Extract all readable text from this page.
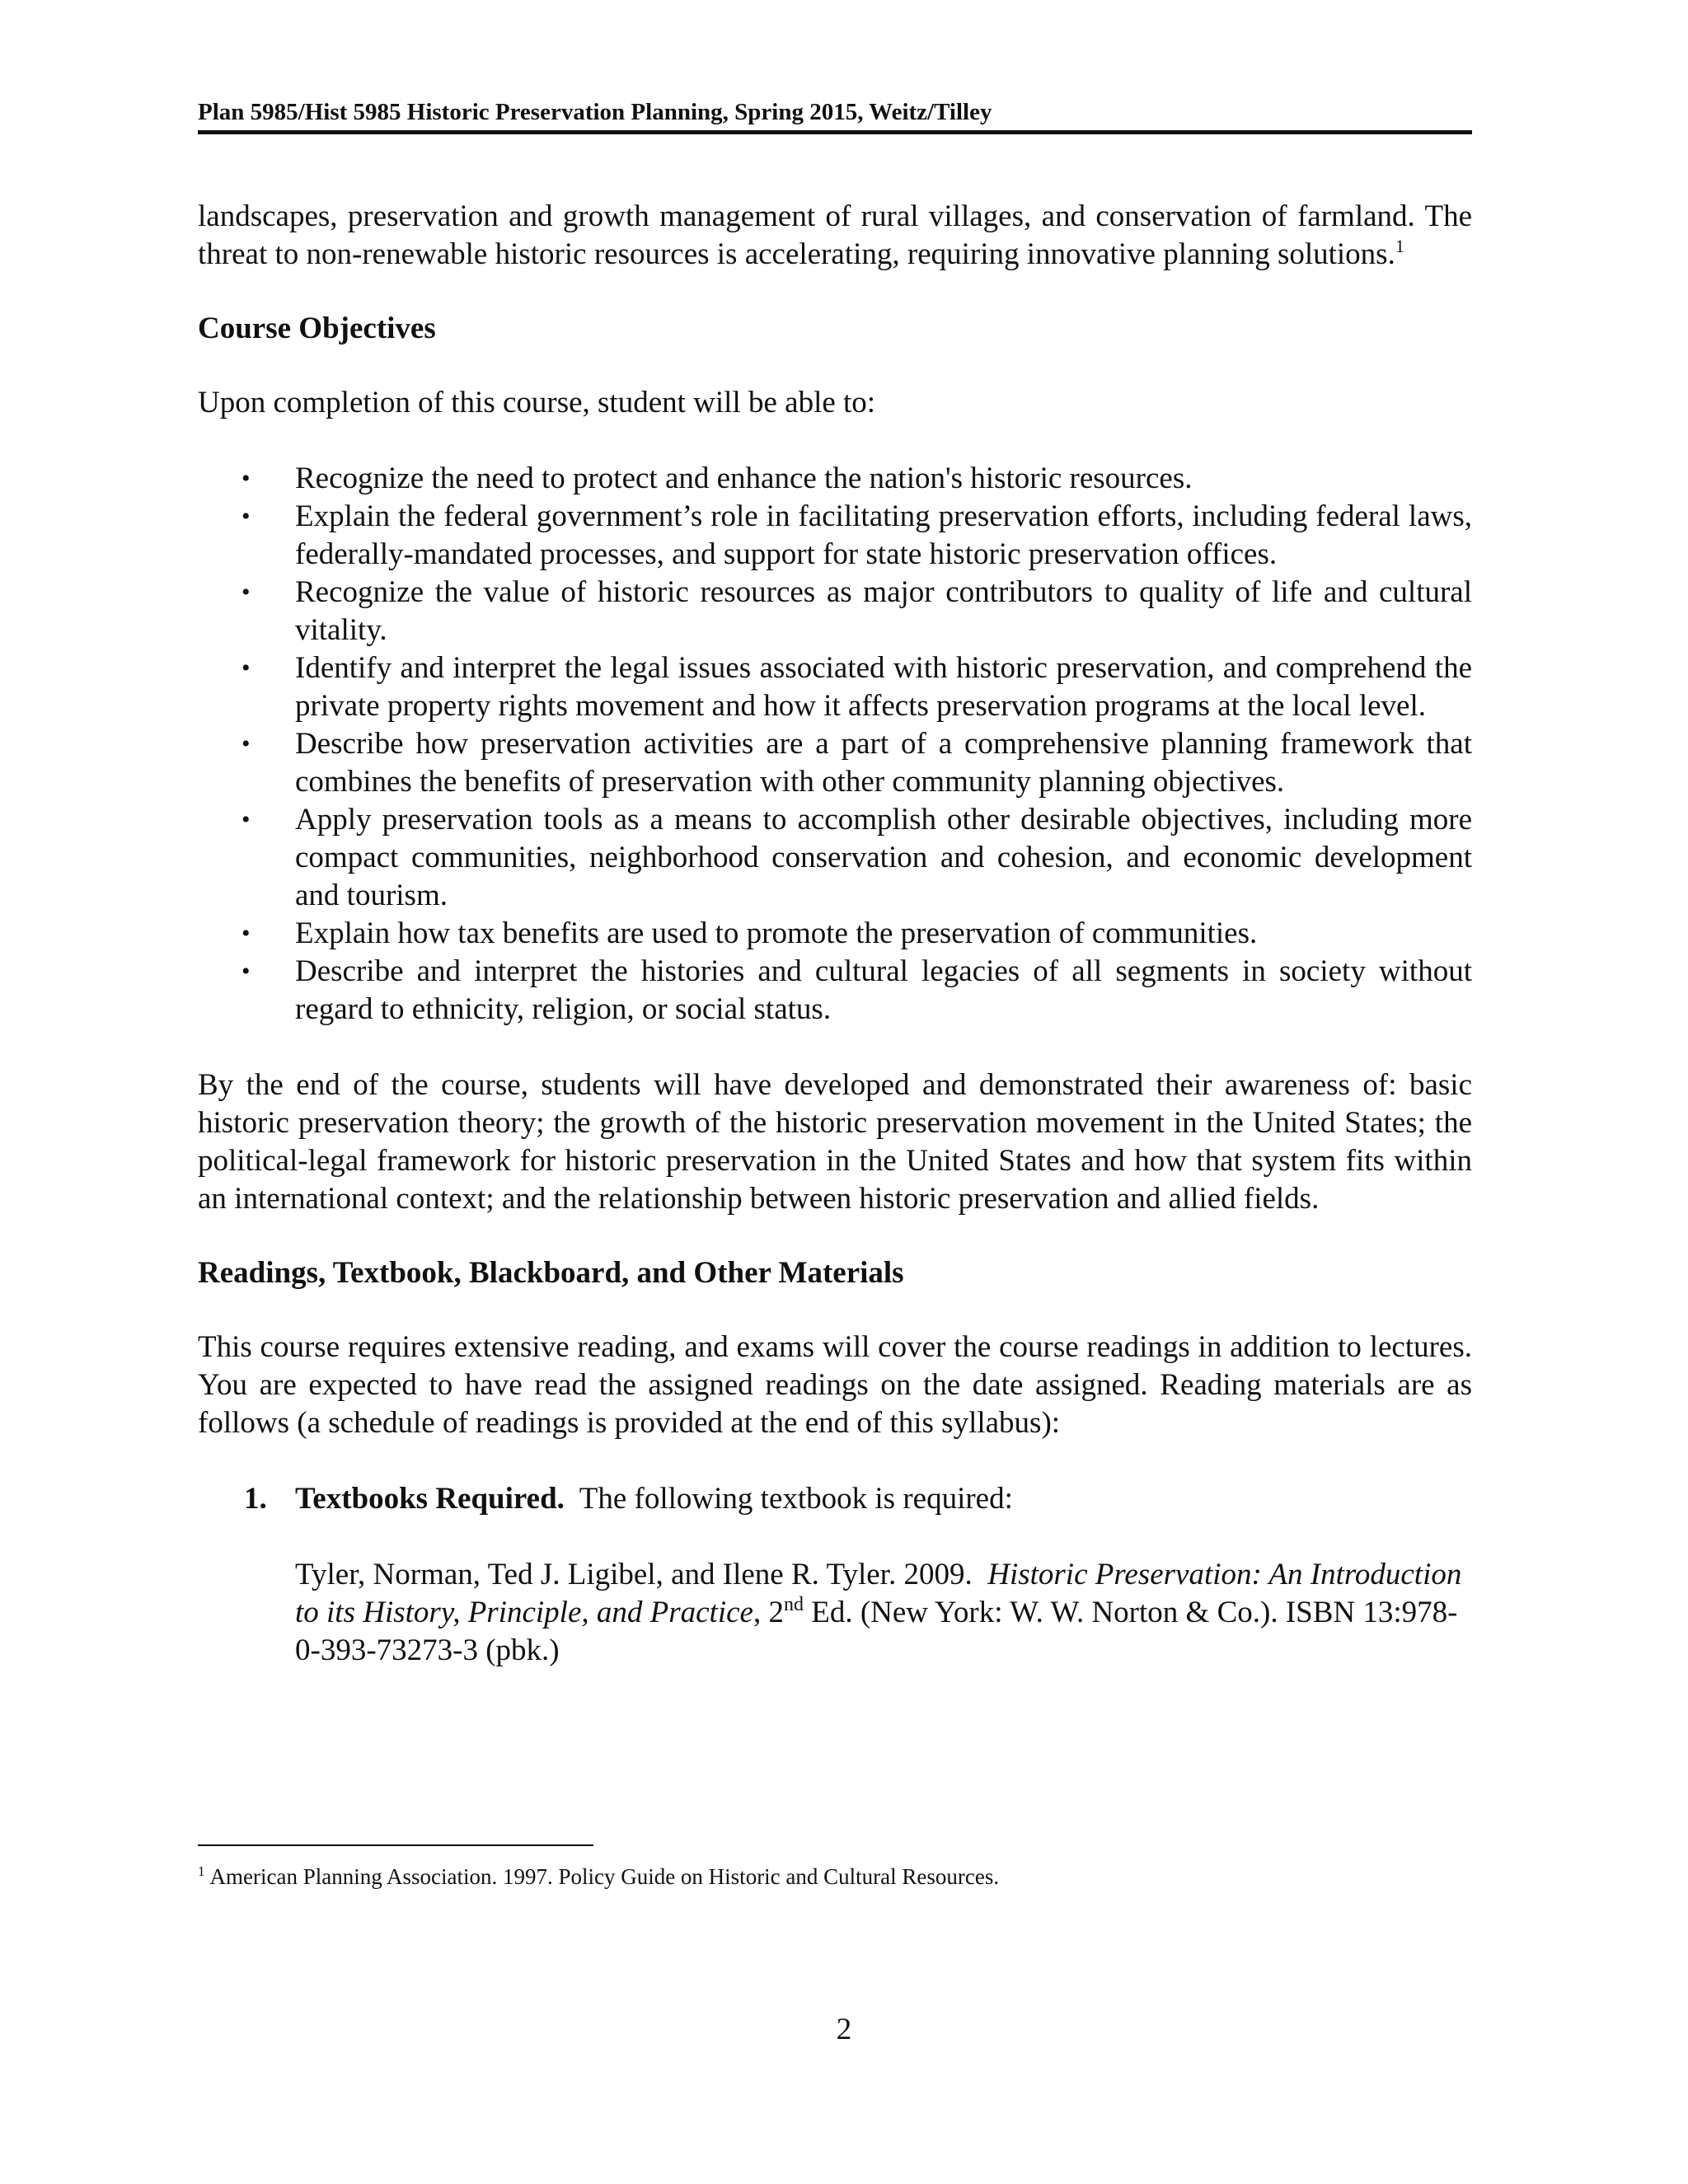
Plan 5985/Hist 5985 Historic Preservation Planning, Spring 2015, Weitz/Tilley

landscapes, preservation and growth management of rural villages, and conservation of farmland. The threat to non-renewable historic resources is accelerating, requiring innovative planning solutions.$^1$

Course Objectives

Upon completion of this course, student will be able to:

• Recognize the need to protect and enhance the nation's historic resources.
• Explain the federal government’s role in facilitating preservation efforts, including federal laws, federally-mandated processes, and support for state historic preservation offices.
• Recognize the value of historic resources as major contributors to quality of life and cultural vitality.
• Identify and interpret the legal issues associated with historic preservation, and comprehend the private property rights movement and how it affects preservation programs at the local level.
• Describe how preservation activities are a part of a comprehensive planning framework that combines the benefits of preservation with other community planning objectives.
• Apply preservation tools as a means to accomplish other desirable objectives, including more compact communities, neighborhood conservation and cohesion, and economic development and tourism.
• Explain how tax benefits are used to promote the preservation of communities.
• Describe and interpret the histories and cultural legacies of all segments in society without regard to ethnicity, religion, or social status.

By the end of the course, students will have developed and demonstrated their awareness of: basic historic preservation theory; the growth of the historic preservation movement in the United States; the political-legal framework for historic preservation in the United States and how that system fits within an international context; and the relationship between historic preservation and allied fields.

Readings, Textbook, Blackboard, and Other Materials

This course requires extensive reading, and exams will cover the course readings in addition to lectures. You are expected to have read the assigned readings on the date assigned. Reading materials are as follows (a schedule of readings is provided at the end of this syllabus):

1. Textbooks Required. The following textbook is required:

Tyler, Norman, Ted J. Ligibel, and Ilene R. Tyler. 2009. Historic Preservation: An Introduction to its History, Principle, and Practice, 2nd Ed. (New York: W. W. Norton & Co.). ISBN 13:978-0-393-73273-3 (pbk.)

$^1$ American Planning Association. 1997. Policy Guide on Historic and Cultural Resources.
2
